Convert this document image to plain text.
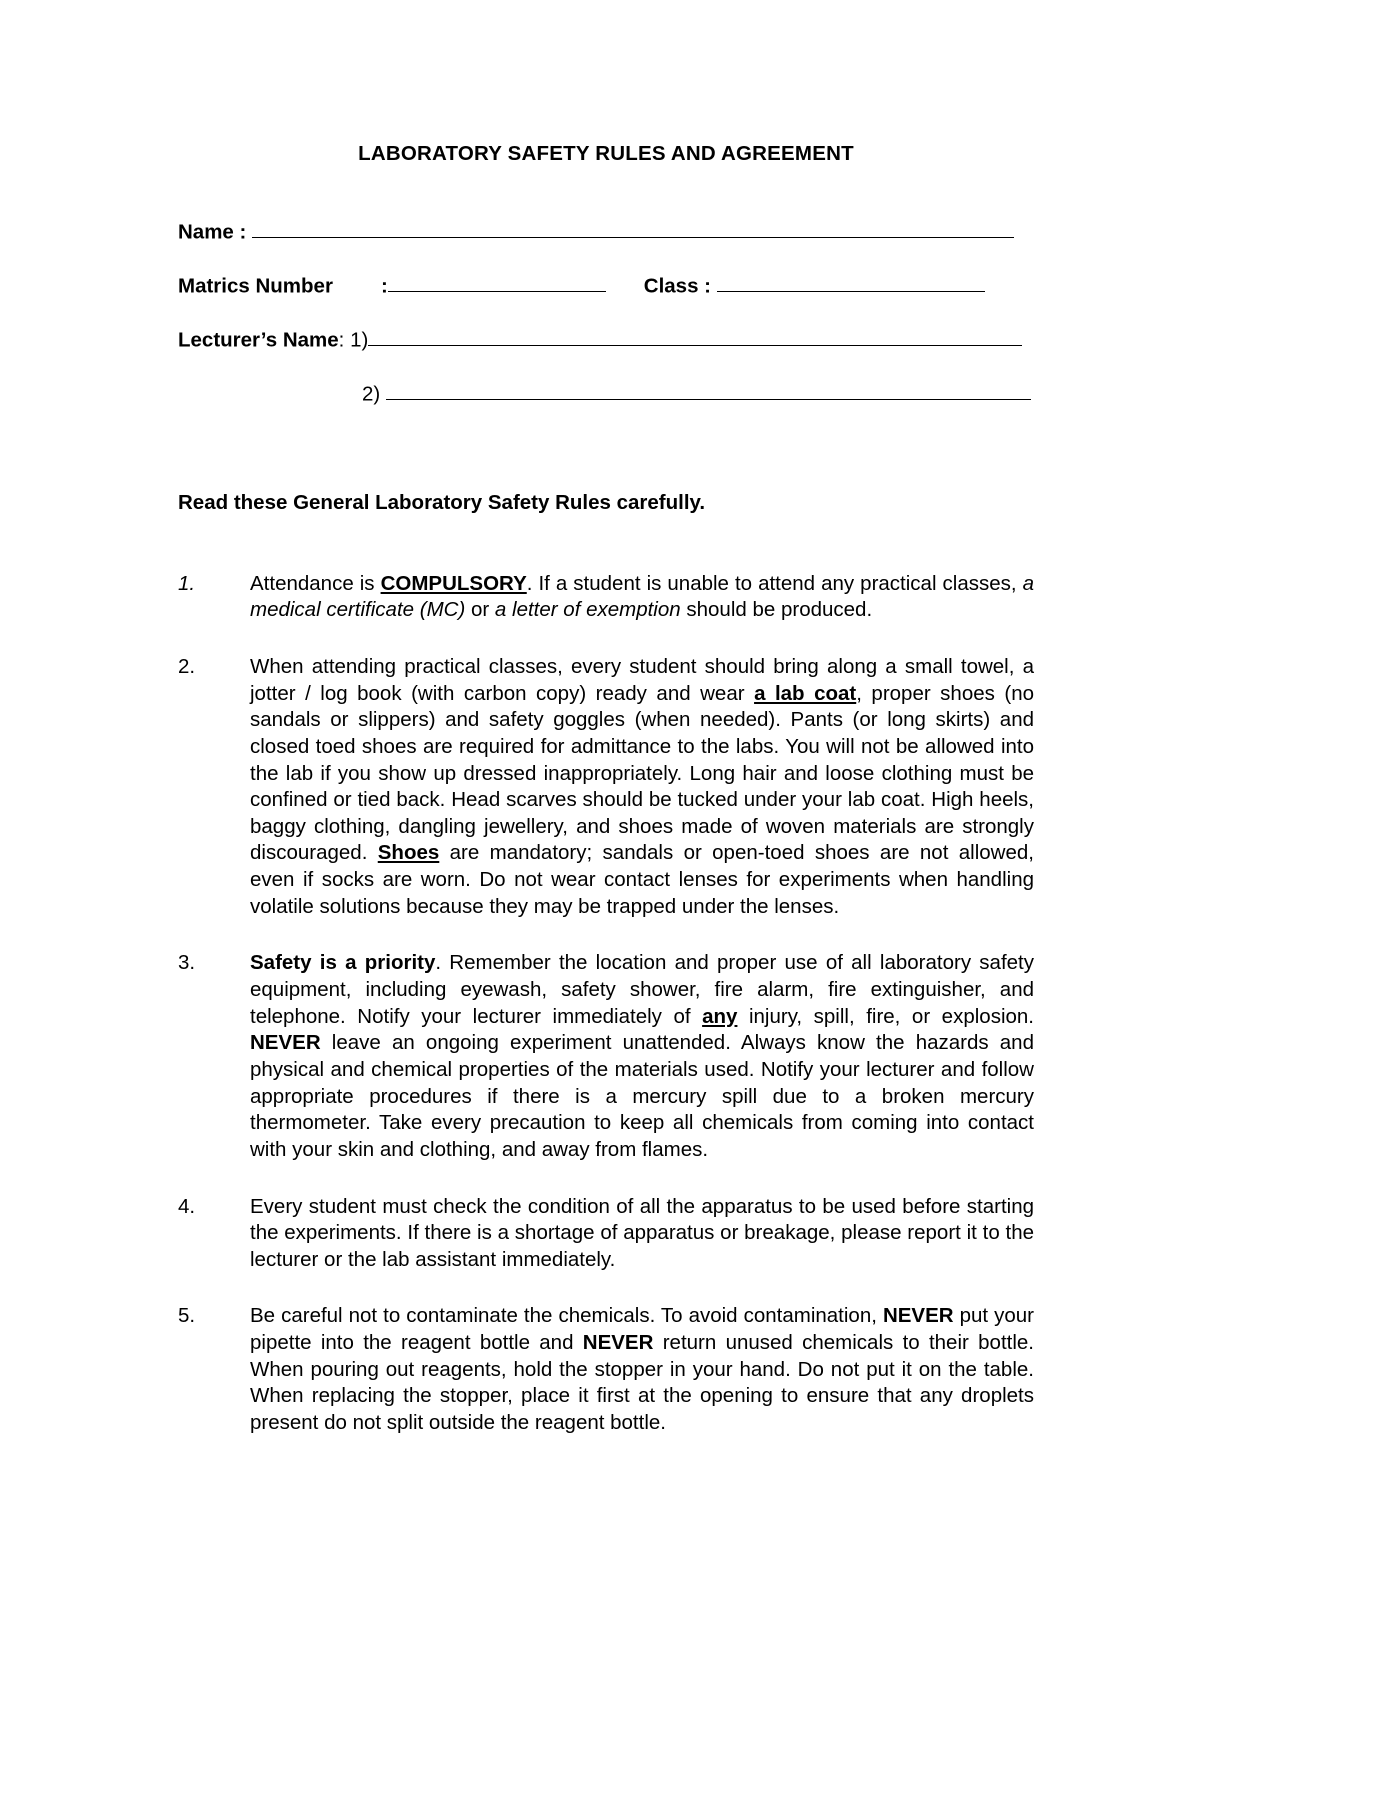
LABORATORY SAFETY RULES AND AGREEMENT
Name :
Matrics Number :	Class :
Lecturer’s Name: 1)
2)
Read these General Laboratory Safety Rules carefully.
1.	Attendance is COMPULSORY. If a student is unable to attend any practical classes, a medical certificate (MC) or a letter of exemption should be produced.
2.	When attending practical classes, every student should bring along a small towel, a jotter / log book (with carbon copy) ready and wear a lab coat, proper shoes (no sandals or slippers) and safety goggles (when needed). Pants (or long skirts) and closed toed shoes are required for admittance to the labs. You will not be allowed into the lab if you show up dressed inappropriately. Long hair and loose clothing must be confined or tied back. Head scarves should be tucked under your lab coat. High heels, baggy clothing, dangling jewellery, and shoes made of woven materials are strongly discouraged. Shoes are mandatory; sandals or open-toed shoes are not allowed, even if socks are worn. Do not wear contact lenses for experiments when handling volatile solutions because they may be trapped under the lenses.
3.	Safety is a priority. Remember the location and proper use of all laboratory safety equipment, including eyewash, safety shower, fire alarm, fire extinguisher, and telephone. Notify your lecturer immediately of any injury, spill, fire, or explosion. NEVER leave an ongoing experiment unattended. Always know the hazards and physical and chemical properties of the materials used. Notify your lecturer and follow appropriate procedures if there is a mercury spill due to a broken mercury thermometer. Take every precaution to keep all chemicals from coming into contact with your skin and clothing, and away from flames.
4.	Every student must check the condition of all the apparatus to be used before starting the experiments. If there is a shortage of apparatus or breakage, please report it to the lecturer or the lab assistant immediately.
5.	Be careful not to contaminate the chemicals. To avoid contamination, NEVER put your pipette into the reagent bottle and NEVER return unused chemicals to their bottle. When pouring out reagents, hold the stopper in your hand. Do not put it on the table. When replacing the stopper, place it first at the opening to ensure that any droplets present do not split outside the reagent bottle.
